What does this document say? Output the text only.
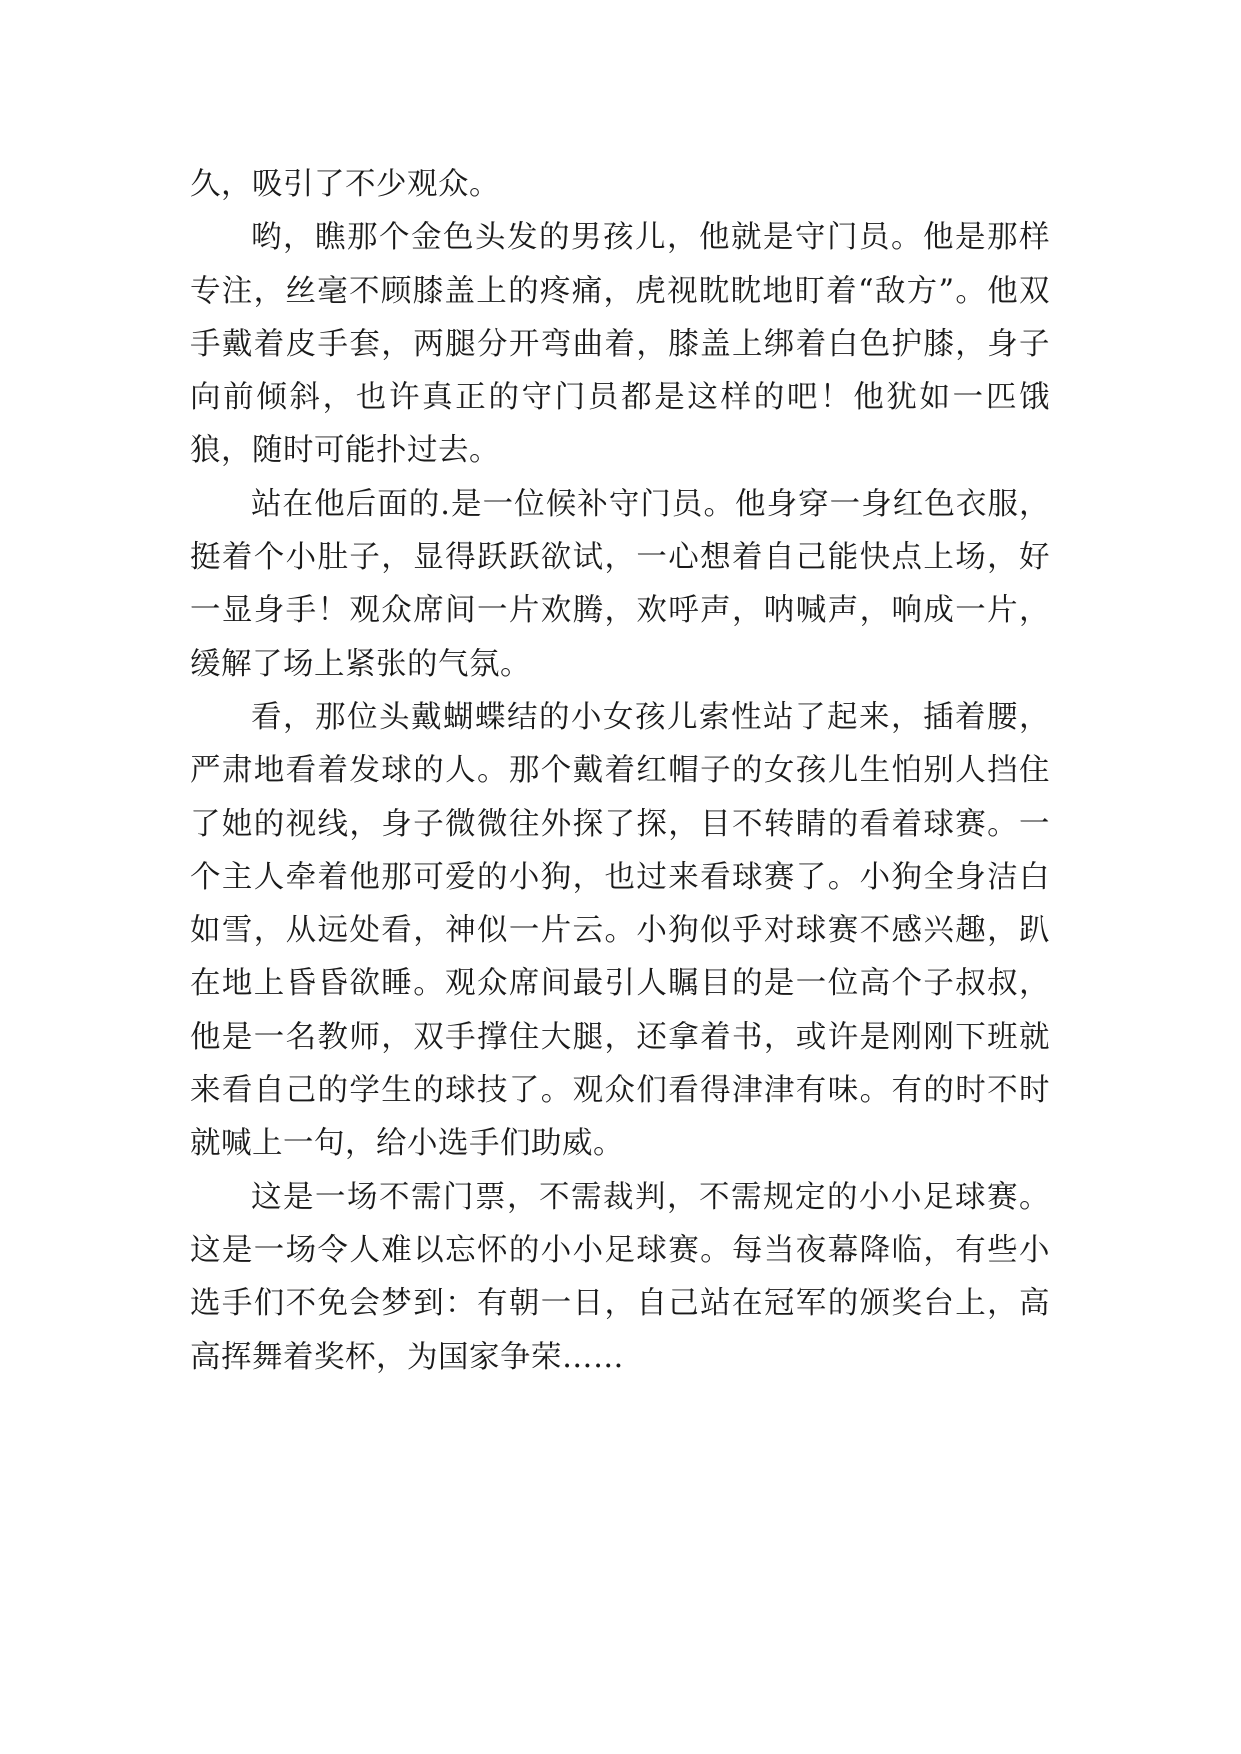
久，吸引了不少观众。

哟，瞧那个金色头发的男孩儿，他就是守门员。他是那样专注，丝毫不顾膝盖上的疼痛，虎视眈眈地盯着“敌方”。他双手戴着皮手套，两腿分开弯曲着，膝盖上绑着白色护膝，身子向前倾斜，也许真正的守门员都是这样的吧！他犹如一匹饿狼，随时可能扑过去。

站在他后面的.是一位候补守门员。他身穿一身红色衣服，挺着个小肚子，显得跃跃欲试，一心想着自己能快点上场，好一显身手！观众席间一片欢腾，欢呼声，呐喊声，响成一片，缓解了场上紧张的气氛。

看，那位头戴蝴蝶结的小女孩儿索性站了起来，插着腰，严肃地看着发球的人。那个戴着红帽子的女孩儿生怕别人挡住了她的视线，身子微微往外探了探，目不转睛的看着球赛。一个主人牵着他那可爱的小狗，也过来看球赛了。小狗全身洁白如雪，从远处看，神似一片云。小狗似乎对球赛不感兴趣，趴在地上昏昏欲睡。观众席间最引人瞩目的是一位高个子叔叔，他是一名教师，双手撑住大腿，还拿着书，或许是刚刚下班就来看自己的学生的球技了。观众们看得津津有味。有的时不时就喊上一句，给小选手们助威。

这是一场不需门票，不需裁判，不需规定的小小足球赛。这是一场令人难以忘怀的小小足球赛。每当夜幕降临，有些小选手们不免会梦到：有朝一日，自己站在冠军的颁奖台上，高高挥舞着奖杯，为国家争荣……
